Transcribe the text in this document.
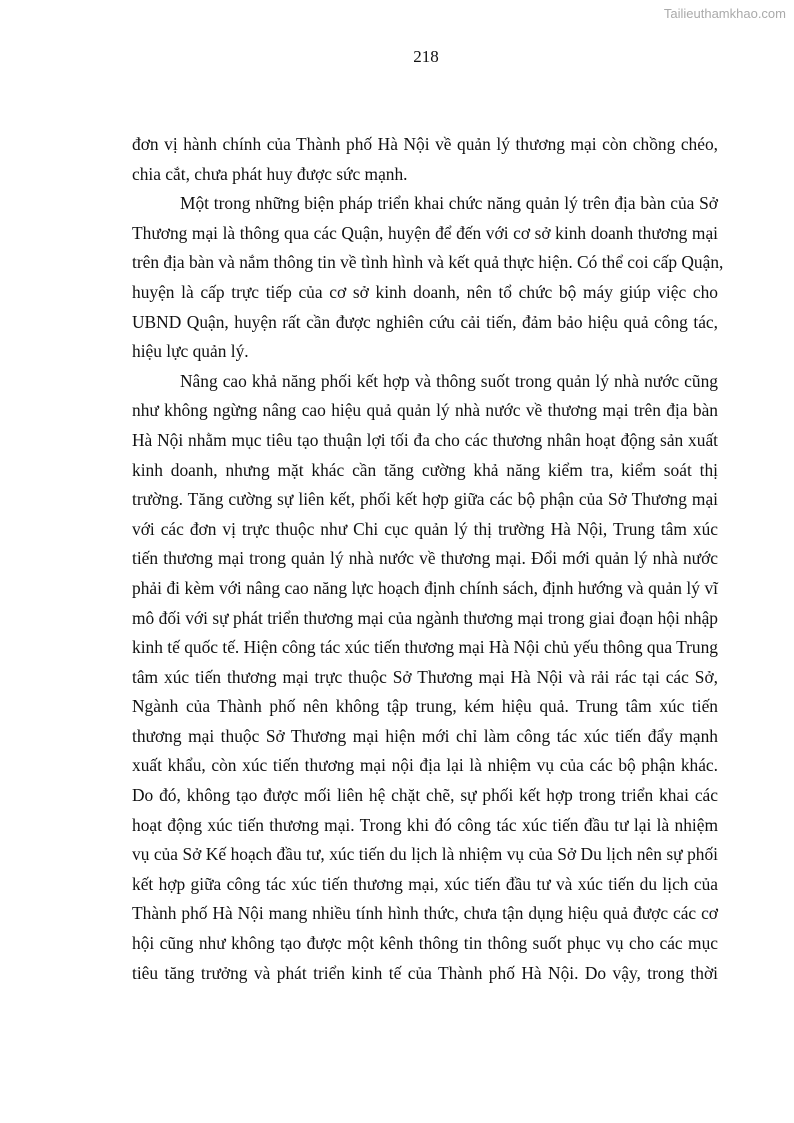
Tailieuthamkhao.com
218
đơn vị hành chính của Thành phố Hà Nội về quản lý thương mại còn chồng chéo,
chia cắt, chưa phát huy được sức mạnh.
Một trong những biện pháp triển khai chức năng quản lý trên địa bàn của Sở
Thương mại là thông qua các Quận, huyện để đến với cơ sở kinh doanh thương mại
trên địa bàn và nắm thông tin về tình hình và kết quả thực hiện. Có thể coi cấp Quận,
huyện là cấp trực tiếp của cơ sở kinh doanh, nên tổ chức bộ máy giúp việc cho
UBND Quận, huyện rất cần được nghiên cứu cải tiến, đảm bảo hiệu quả công tác,
hiệu lực quản lý.
Nâng cao khả năng phối kết hợp và thông suốt trong quản lý nhà nước cũng
như không ngừng nâng cao hiệu quả quản lý nhà nước về thương mại trên địa bàn
Hà Nội nhằm mục tiêu tạo thuận lợi tối đa cho các thương nhân hoạt động sản xuất
kinh doanh, nhưng mặt khác cần tăng cường khả năng kiểm tra, kiểm soát thị
trường. Tăng cường sự liên kết, phối kết hợp giữa các bộ phận của Sở Thương mại
với các đơn vị trực thuộc như Chi cục quản lý thị trường Hà Nội, Trung tâm xúc
tiến thương mại trong quản lý nhà nước về thương mại. Đổi mới quản lý nhà nước
phải đi kèm với nâng cao năng lực hoạch định chính sách, định hướng và quản lý vĩ
mô đối với sự phát triển thương mại của ngành thương mại trong giai đoạn hội nhập
kinh tế quốc tế. Hiện công tác xúc tiến thương mại Hà Nội chủ yếu thông qua Trung
tâm xúc tiến thương mại trực thuộc Sở Thương mại Hà Nội và rải rác tại các Sở,
Ngành của Thành phố nên không tập trung, kém hiệu quả. Trung tâm xúc tiến
thương mại thuộc Sở Thương mại hiện mới chỉ làm công tác xúc tiến đẩy mạnh
xuất khẩu, còn xúc tiến thương mại nội địa lại là nhiệm vụ của các bộ phận khác.
Do đó, không tạo được mối liên hệ chặt chẽ, sự phối kết hợp trong triển khai các
hoạt động xúc tiến thương mại. Trong khi đó công tác xúc tiến đầu tư lại là nhiệm
vụ của Sở Kế hoạch đầu tư, xúc tiến du lịch là nhiệm vụ của Sở Du lịch nên sự phối
kết hợp giữa công tác xúc tiến thương mại, xúc tiến đầu tư và xúc tiến du lịch của
Thành phố Hà Nội mang nhiều tính hình thức, chưa tận dụng hiệu quả được các cơ
hội cũng như không tạo được một kênh thông tin thông suốt phục vụ cho các mục
tiêu tăng trưởng và phát triển kinh tế của Thành phố Hà Nội. Do vậy, trong thời
